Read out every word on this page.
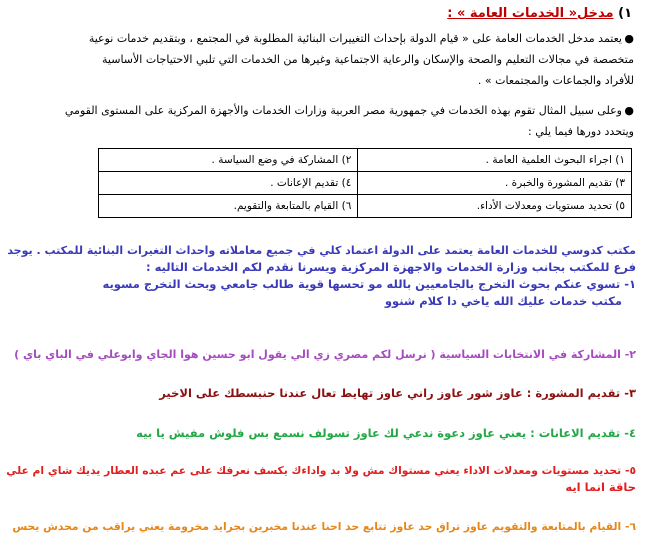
١) مدخل« الخدمات العامة » :

●يعتمد مدخل الخدمات العامة على « قيام الدولة بإحداث التغييرات البنائية المطلوبة في المجتمع ، وبتقديم خدمات نوعية

متخصصة في مجالات التعليم والصحة والإسكان والرعاية الاجتماعية وغيرها من الخدمات التي تلبي الاحتياجات الأساسية

للأفراد والجماعات والمجتمعات » .

●وعلى سبيل المثال تقوم بهذه الخدمات في جمهورية مصر العربية وزارات الخدمات والأجهزة المركزية على المستوى القومي

ويتحدد دورها فيما يلي :

١) اجراء البحوث العلمية العامة .	٢) المشاركة في وضع السياسة .
٣) تقديم المشورة والخبرة .	٤) تقديم الإعانات .
٥) تحديد مستويات ومعدلات الأداء.	٦) القيام بالمتابعة والتقويم.

مكتب كدوسي للخدمات العامة يعتمد على الدولة اعتماد كلي في جميع معاملاته واحداث التغيرات البنائية للمكتب . يوجد

فرع للمكتب بجانب وزارة الخدمات والاجهزة المركزية ويسرنا نقدم لكم الخدمات التاليه :

١- تسوي عنكم بحوث التخرج بالجامعيين بالله مو تحسها قوية طالب جامعي وبحث التخرج مسويه

مكتب خدمات عليك الله ياخي دا كلام شنوو

٢- المشاركة في الانتخابات السياسية ( نرسل لكم مصري زي الي يقول ابو حسين هوا الجاي وابوعلي في الباي باي )

٣- تقديم المشورة : عاوز شور عاوز راني عاوز تهايط تعال عندنا حنبسطك على الاخير

٤- تقديم الاعانات : يعني عاوز دعوة ندعي لك عاوز تسولف نسمع بس فلوش مفيش يا بيه

٥- تحديد مستويات ومعدلات الاداء يعني مستواك مش ولا بد واداءك يكسف نعرفك على عم عبده العطار يديك شاي ام علي

حاقة انما ايه

٦- القيام بالمتابعة والتقويم عاوز تراق حد عاوز تتابع حد احنا عندنا مخبرين بجرايد مخرومة يعني يراقب من محدش يحس
